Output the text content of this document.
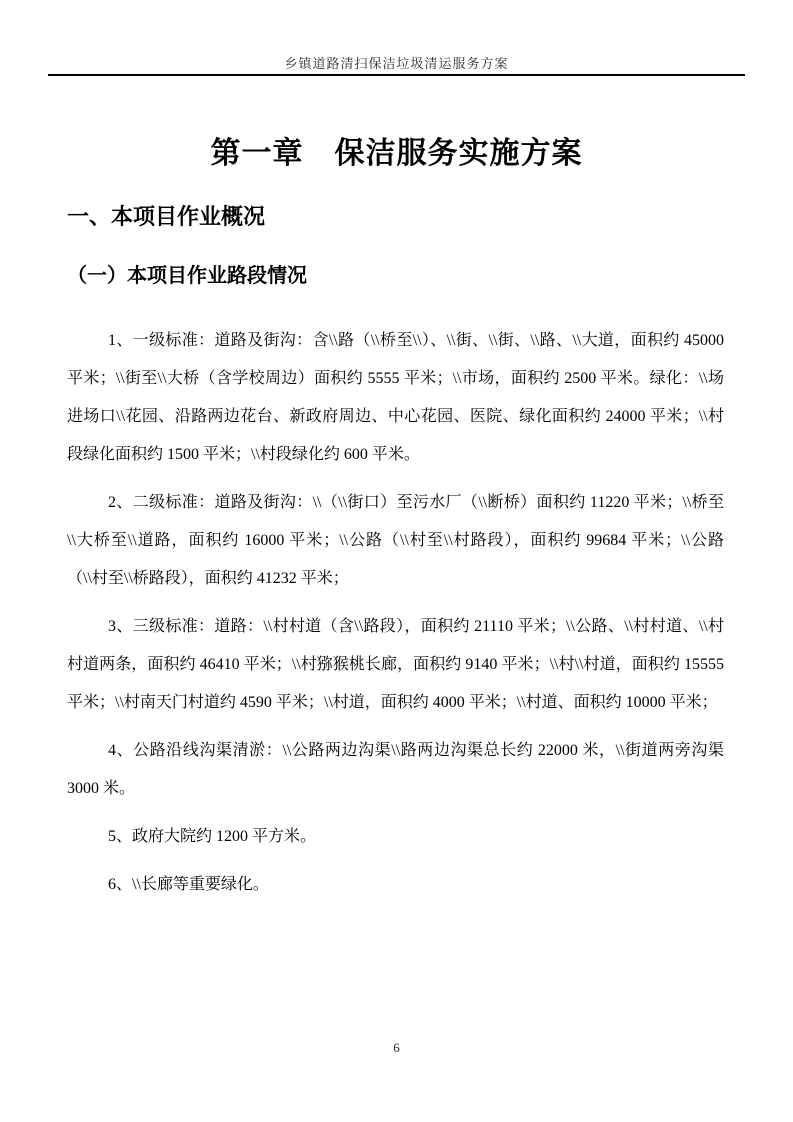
乡镇道路清扫保洁垃圾清运服务方案
第一章　保洁服务实施方案
一、本项目作业概况
（一）本项目作业路段情况

1、一级标准：道路及街沟：含\\路（\\桥至\\）、\\街、\\街、\\路、\\大道，面积约 45000 平米；\\街至\\大桥（含学校周边）面积约 5555 平米；\\市场，面积约 2500 平米。绿化：\\场进场口\\花园、沿路两边花台、新政府周边、中心花园、医院、绿化面积约 24000 平米；\\村段绿化面积约 1500 平米；\\村段绿化约 600 平米。

2、二级标准：道路及街沟：\\（\\街口）至污水厂（\\断桥）面积约 11220 平米；\\桥至\\大桥至\\道路，面积约 16000 平米；\\公路（\\村至\\村路段），面积约 99684 平米；\\公路（\\村至\\桥路段），面积约 41232 平米；

3、三级标准：道路：\\村村道（含\\路段），面积约 21110 平米；\\公路、\\村村道、\\村村道两条，面积约 46410 平米；\\村猕猴桃长廊，面积约 9140 平米；\\村\\村道，面积约 15555 平米；\\村南天门村道约 4590 平米；\\村道，面积约 4000 平米；\\村道、面积约 10000 平米；

4、公路沿线沟渠清淤：\\公路两边沟渠\\路两边沟渠总长约 22000 米，\\街道两旁沟渠 3000 米。

5、政府大院约 1200 平方米。

6、\\长廊等重要绿化。

6
